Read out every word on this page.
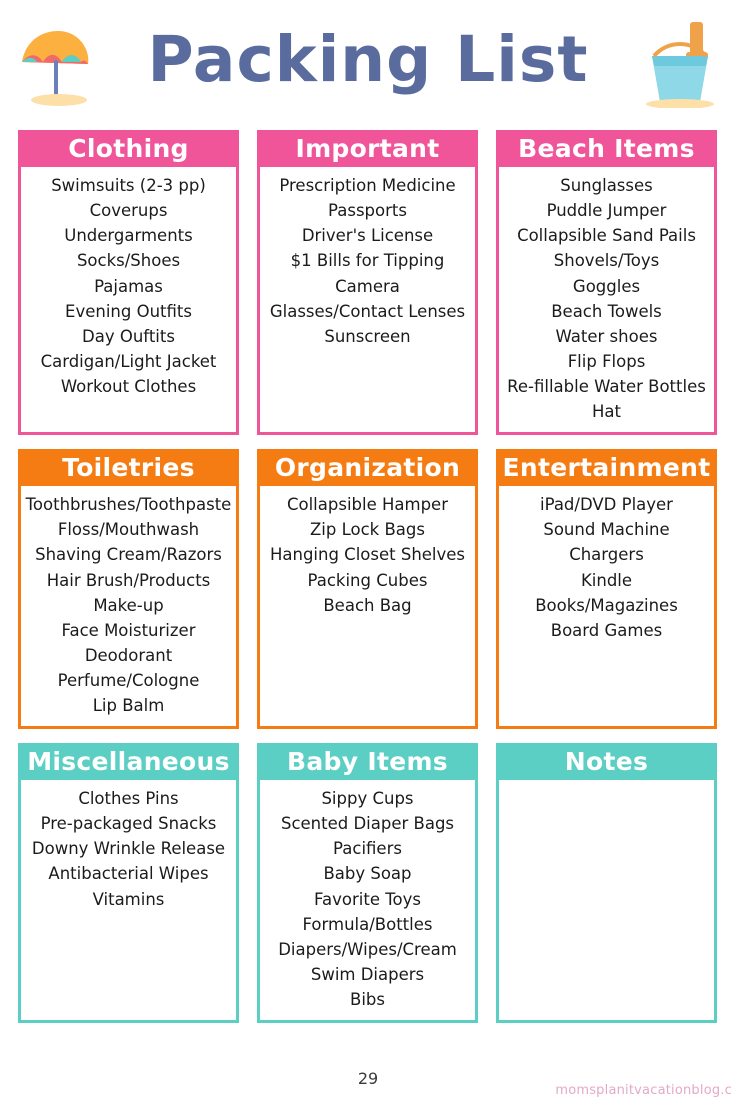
Packing List
Clothing
Swimsuits (2-3 pp)
Coverups
Undergarments
Socks/Shoes
Pajamas
Evening Outfits
Day Ouftits
Cardigan/Light Jacket
Workout Clothes
Important
Prescription Medicine
Passports
Driver's License
$1 Bills for Tipping
Camera
Glasses/Contact Lenses
Sunscreen
Beach Items
Sunglasses
Puddle Jumper
Collapsible Sand Pails
Shovels/Toys
Goggles
Beach Towels
Water shoes
Flip Flops
Re-fillable Water Bottles
Hat
Toiletries
Toothbrushes/Toothpaste
Floss/Mouthwash
Shaving Cream/Razors
Hair Brush/Products
Make-up
Face Moisturizer
Deodorant
Perfume/Cologne
Lip Balm
Organization
Collapsible Hamper
Zip Lock Bags
Hanging Closet Shelves
Packing Cubes
Beach Bag
Entertainment
iPad/DVD Player
Sound Machine
Chargers
Kindle
Books/Magazines
Board Games
Miscellaneous
Clothes Pins
Pre-packaged Snacks
Downy Wrinkle Release
Antibacterial Wipes
Vitamins
Baby Items
Sippy Cups
Scented Diaper Bags
Pacifiers
Baby Soap
Favorite Toys
Formula/Bottles
Diapers/Wipes/Cream
Swim Diapers
Bibs
Notes
29
momsplanitvacationblog.c
